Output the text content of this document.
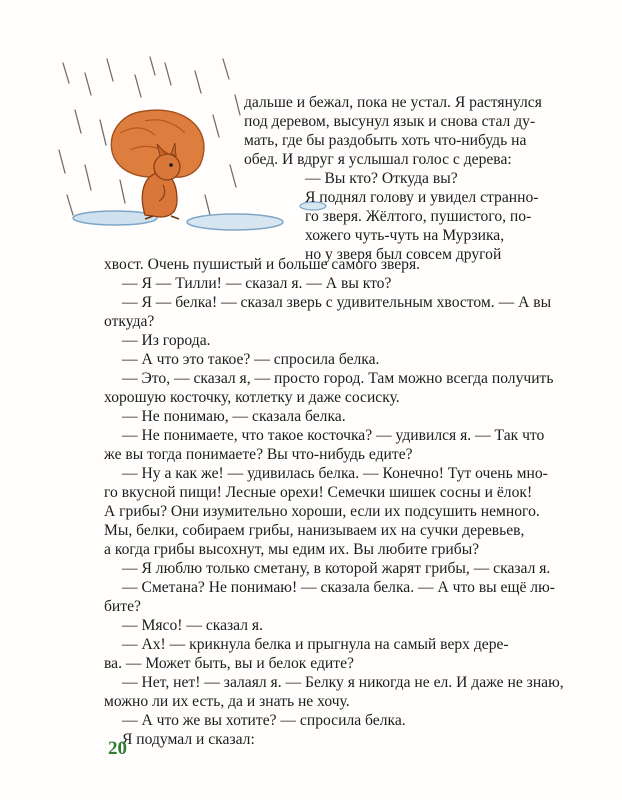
дальше и бежал, пока не устал. Я растянулся

под деревом, высунул язык и снова стал ду-

мать, где бы раздобыть хоть что-нибудь на

обед. И вдруг я услышал голос с дерева:

— Вы кто? Откуда вы?

Я поднял голову и увидел странно-

го зверя. Жёлтого, пушистого, по-

хожего чуть-чуть на Мурзика,

но у зверя был совсем другой

хвост. Очень пушистый и больше самого зверя.

— Я — Тилли! — сказал я. — А вы кто?

— Я — белка! — сказал зверь с удивительным хвостом. — А вы

откуда?

— Из города.

— А что это такое? — спросила белка.

— Это, — сказал я, — просто город. Там можно всегда получить

хорошую косточку, котлетку и даже сосиску.

— Не понимаю, — сказала белка.

— Не понимаете, что такое косточка? — удивился я. — Так что

же вы тогда понимаете? Вы что-нибудь едите?

— Ну а как же! — удивилась белка. — Конечно! Тут очень мно-

го вкусной пищи! Лесные орехи! Семечки шишек сосны и ёлок!

А грибы? Они изумительно хороши, если их подсушить немного.

Мы, белки, собираем грибы, нанизываем их на сучки деревьев,

а когда грибы высохнут, мы едим их. Вы любите грибы?

— Я люблю только сметану, в которой жарят грибы, — сказал я.

— Сметана? Не понимаю! — сказала белка. — А что вы ещё лю-

бите?

— Мясо! — сказал я.

— Ах! — крикнула белка и прыгнула на самый верх дере-

ва. — Может быть, вы и белок едите?

— Нет, нет! — залаял я. — Белку я никогда не ел. И даже не знаю,

можно ли их есть, да и знать не хочу.

— А что же вы хотите? — спросила белка.

Я подумал и сказал:

20
